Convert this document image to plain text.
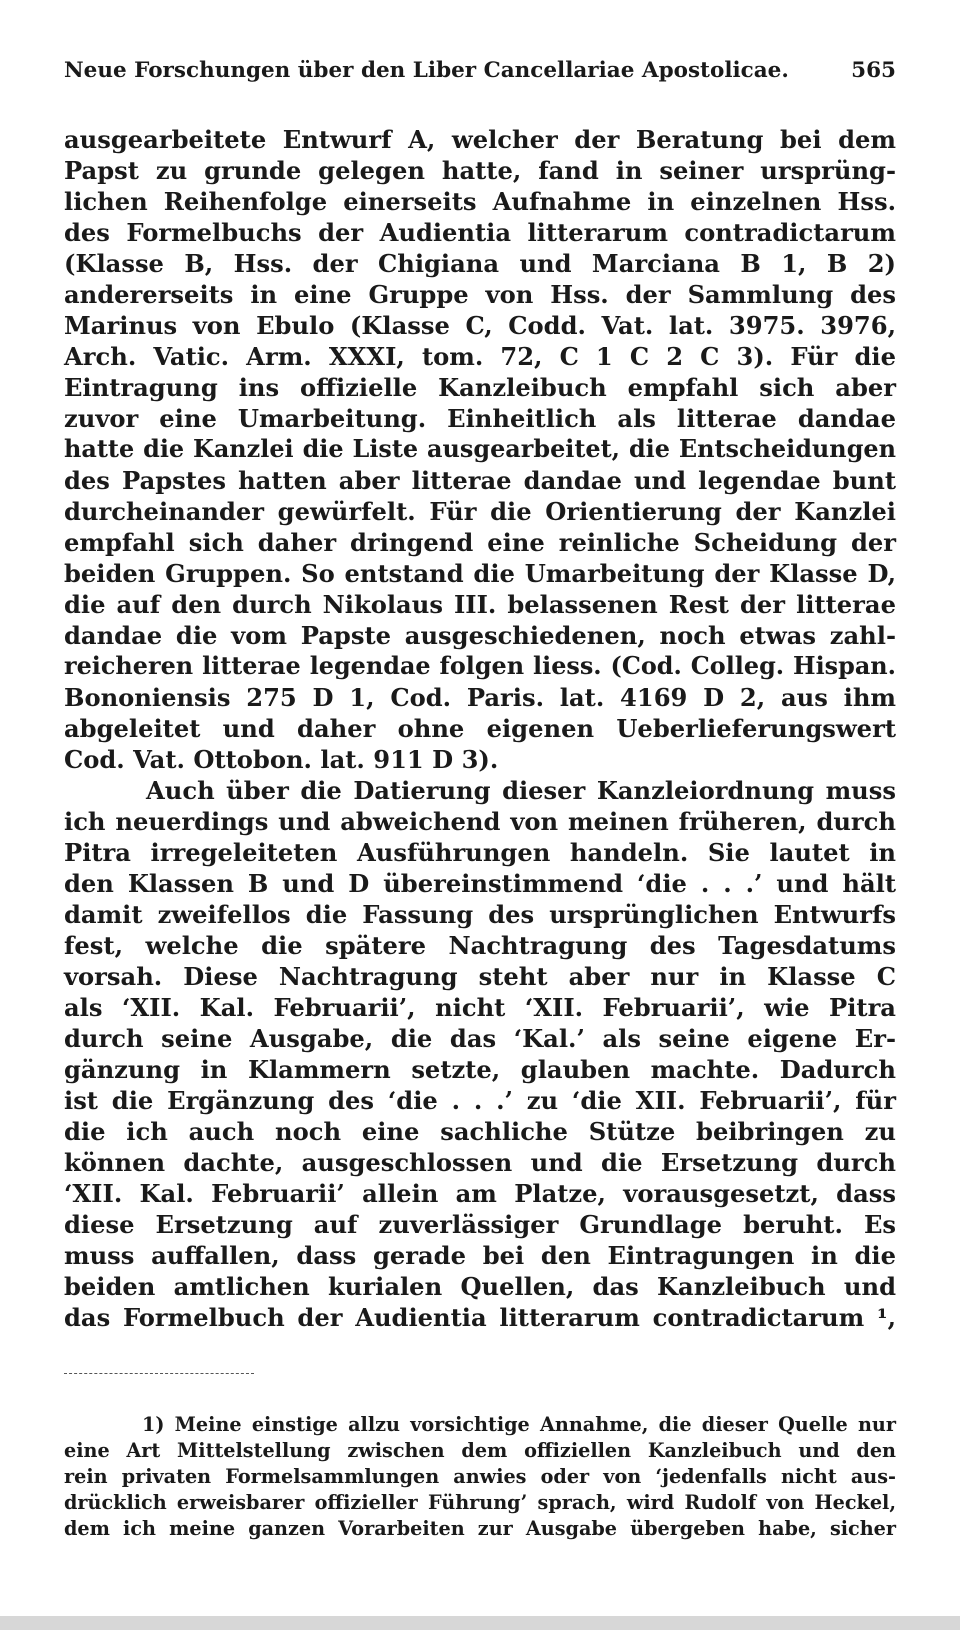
Neue Forschungen über den Liber Cancellariae Apostolicae.	565
ausgearbeitete Entwurf A, welcher der Beratung bei dem
Papst zu grunde gelegen hatte, fand in seiner ursprüng-
lichen Reihenfolge einerseits Aufnahme in einzelnen Hss.
des Formelbuchs der Audientia litterarum contradictarum
(Klasse B, Hss. der Chigiana und Marciana B 1, B 2)
andererseits in eine Gruppe von Hss. der Sammlung des
Marinus von Ebulo (Klasse C, Codd. Vat. lat. 3975. 3976,
Arch. Vatic. Arm. XXXI, tom. 72, C 1 C 2 C 3). Für die
Eintragung ins offizielle Kanzleibuch empfahl sich aber
zuvor eine Umarbeitung. Einheitlich als litterae dandae
hatte die Kanzlei die Liste ausgearbeitet, die Entscheidungen
des Papstes hatten aber litterae dandae und legendae bunt
durcheinander gewürfelt. Für die Orientierung der Kanzlei
empfahl sich daher dringend eine reinliche Scheidung der
beiden Gruppen. So entstand die Umarbeitung der Klasse D,
die auf den durch Nikolaus III. belassenen Rest der litterae
dandae die vom Papste ausgeschiedenen, noch etwas zahl-
reicheren litterae legendae folgen liess. (Cod. Colleg. Hispan.
Bononiensis 275 D 1, Cod. Paris. lat. 4169 D 2, aus ihm
abgeleitet und daher ohne eigenen Ueberlieferungswert
Cod. Vat. Ottobon. lat. 911 D 3).
Auch über die Datierung dieser Kanzleiordnung muss
ich neuerdings und abweichend von meinen früheren, durch
Pitra irregeleiteten Ausführungen handeln. Sie lautet in
den Klassen B und D übereinstimmend ‘die . . .’ und hält
damit zweifellos die Fassung des ursprünglichen Entwurfs
fest, welche die spätere Nachtragung des Tagesdatums
vorsah. Diese Nachtragung steht aber nur in Klasse C
als ‘XII. Kal. Februarii’, nicht ‘XII. Februarii’, wie Pitra
durch seine Ausgabe, die das ‘Kal.’ als seine eigene Er-
gänzung in Klammern setzte, glauben machte. Dadurch
ist die Ergänzung des ‘die . . .’ zu ‘die XII. Februarii’, für
die ich auch noch eine sachliche Stütze beibringen zu
können dachte, ausgeschlossen und die Ersetzung durch
‘XII. Kal. Februarii’ allein am Platze, vorausgesetzt, dass
diese Ersetzung auf zuverlässiger Grundlage beruht. Es
muss auffallen, dass gerade bei den Eintragungen in die
beiden amtlichen kurialen Quellen, das Kanzleibuch und
das Formelbuch der Audientia litterarum contradictarum ¹,
1) Meine einstige allzu vorsichtige Annahme, die dieser Quelle nur
eine Art Mittelstellung zwischen dem offiziellen Kanzleibuch und den
rein privaten Formelsammlungen anwies oder von ‘jedenfalls nicht aus-
drücklich erweisbarer offizieller Führung’ sprach, wird Rudolf von Heckel,
dem ich meine ganzen Vorarbeiten zur Ausgabe übergeben habe, sicher
